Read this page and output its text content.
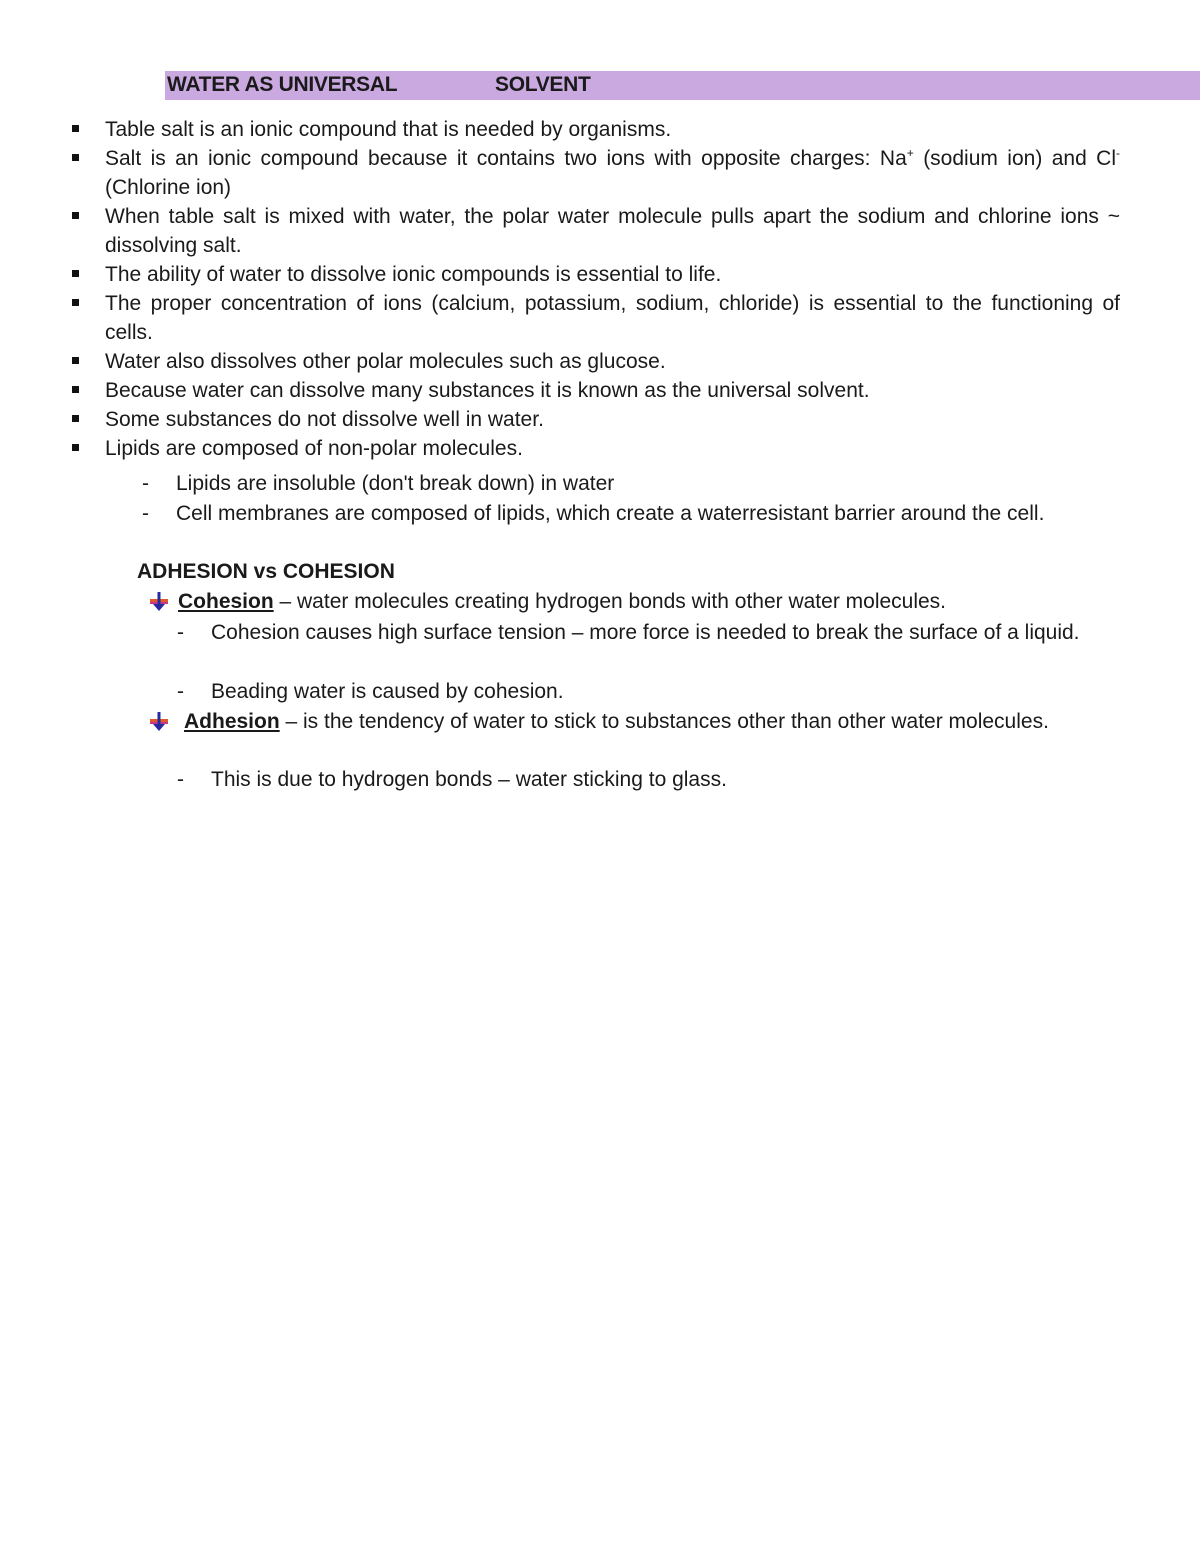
WATER AS UNIVERSAL	SOLVENT
Table salt is an ionic compound that is needed by organisms.
Salt is an ionic compound because it contains two ions with opposite charges: Na+ (sodium ion) and Cl- (Chlorine ion)
When table salt is mixed with water, the polar water molecule pulls apart the sodium and chlorine ions ~ dissolving salt.
The ability of water to dissolve ionic compounds is essential to life.
The proper concentration of ions (calcium, potassium, sodium, chloride) is essential to the functioning of cells.
Water also dissolves other polar molecules such as glucose.
Because water can dissolve many substances it is known as the universal solvent.
Some substances do not dissolve well in water.
Lipids are composed of non-polar molecules.
- Lipids are insoluble (don't break down) in water
- Cell membranes are composed of lipids, which create a waterresistant barrier around the cell.
ADHESION vs COHESION
Cohesion – water molecules creating hydrogen bonds with other water molecules.
- Cohesion causes high surface tension – more force is needed to break the surface of a liquid.
- Beading water is caused by cohesion.
Adhesion – is the tendency of water to stick to substances other than other water molecules.
- This is due to hydrogen bonds – water sticking to glass.
